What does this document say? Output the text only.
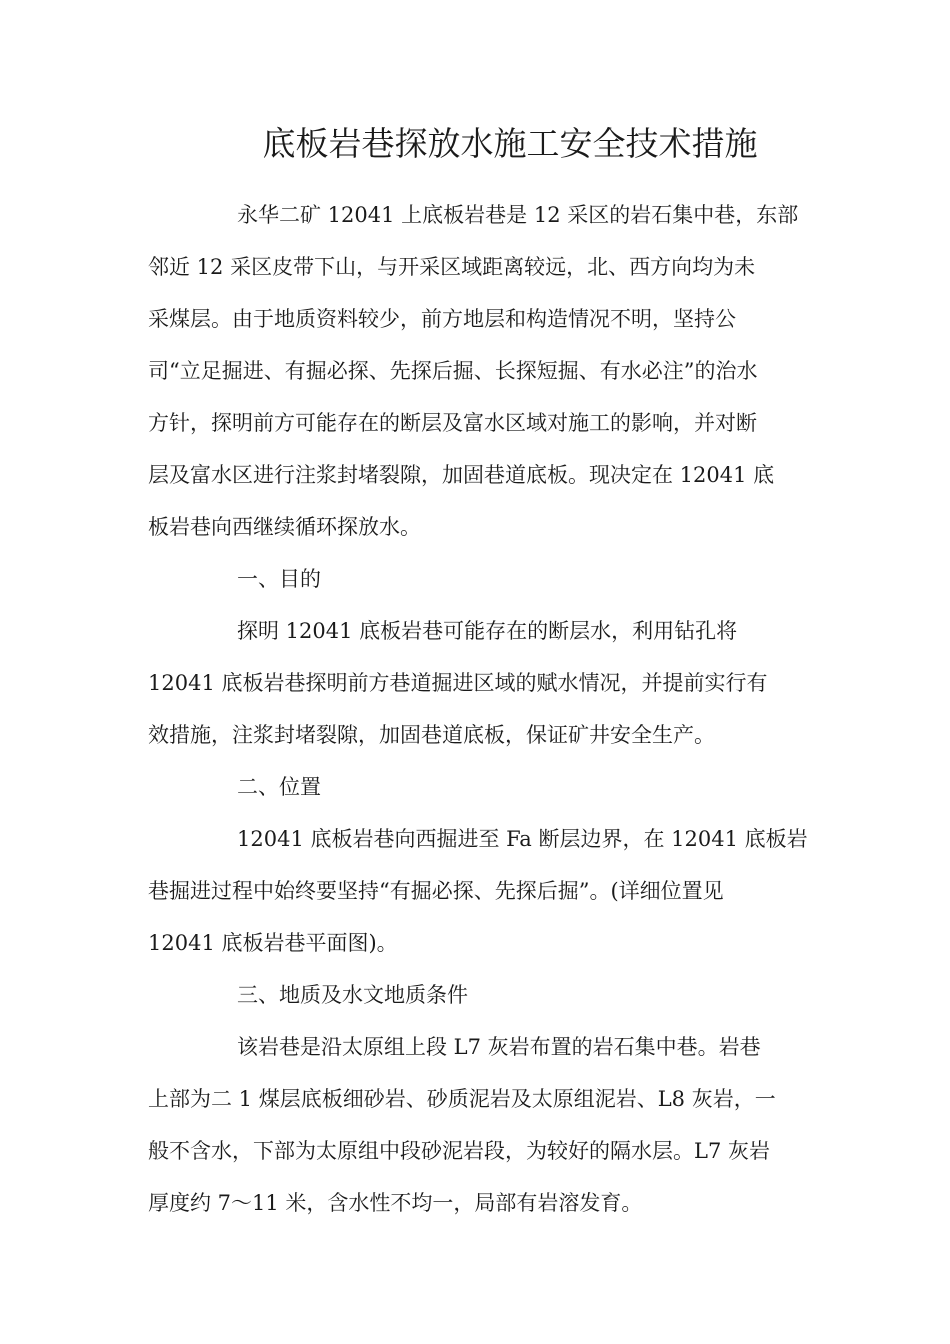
底板岩巷探放水施工安全技术措施
永华二矿 12041 上底板岩巷是 12 采区的岩石集中巷，东部
邻近 12 采区皮带下山，与开采区域距离较远，北、西方向均为未
采煤层。由于地质资料较少，前方地层和构造情况不明，坚持公
司“立足掘进、有掘必探、先探后掘、长探短掘、有水必注”的治水
方针，探明前方可能存在的断层及富水区域对施工的影响，并对断
层及富水区进行注浆封堵裂隙，加固巷道底板。现决定在 12041 底
板岩巷向西继续循环探放水。
一、目的
探明 12041 底板岩巷可能存在的断层水，利用钻孔将
12041 底板岩巷探明前方巷道掘进区域的赋水情况，并提前实行有
效措施，注浆封堵裂隙，加固巷道底板，保证矿井安全生产。
二、位置
12041 底板岩巷向西掘进至 Fa 断层边界，在 12041 底板岩
巷掘进过程中始终要坚持“有掘必探、先探后掘”。(详细位置见
12041 底板岩巷平面图)。
三、地质及水文地质条件
该岩巷是沿太原组上段 L7 灰岩布置的岩石集中巷。岩巷
上部为二 1 煤层底板细砂岩、砂质泥岩及太原组泥岩、L8 灰岩，一
般不含水，下部为太原组中段砂泥岩段，为较好的隔水层。L7 灰岩
厚度约 7～11 米，含水性不均一，局部有岩溶发育。
